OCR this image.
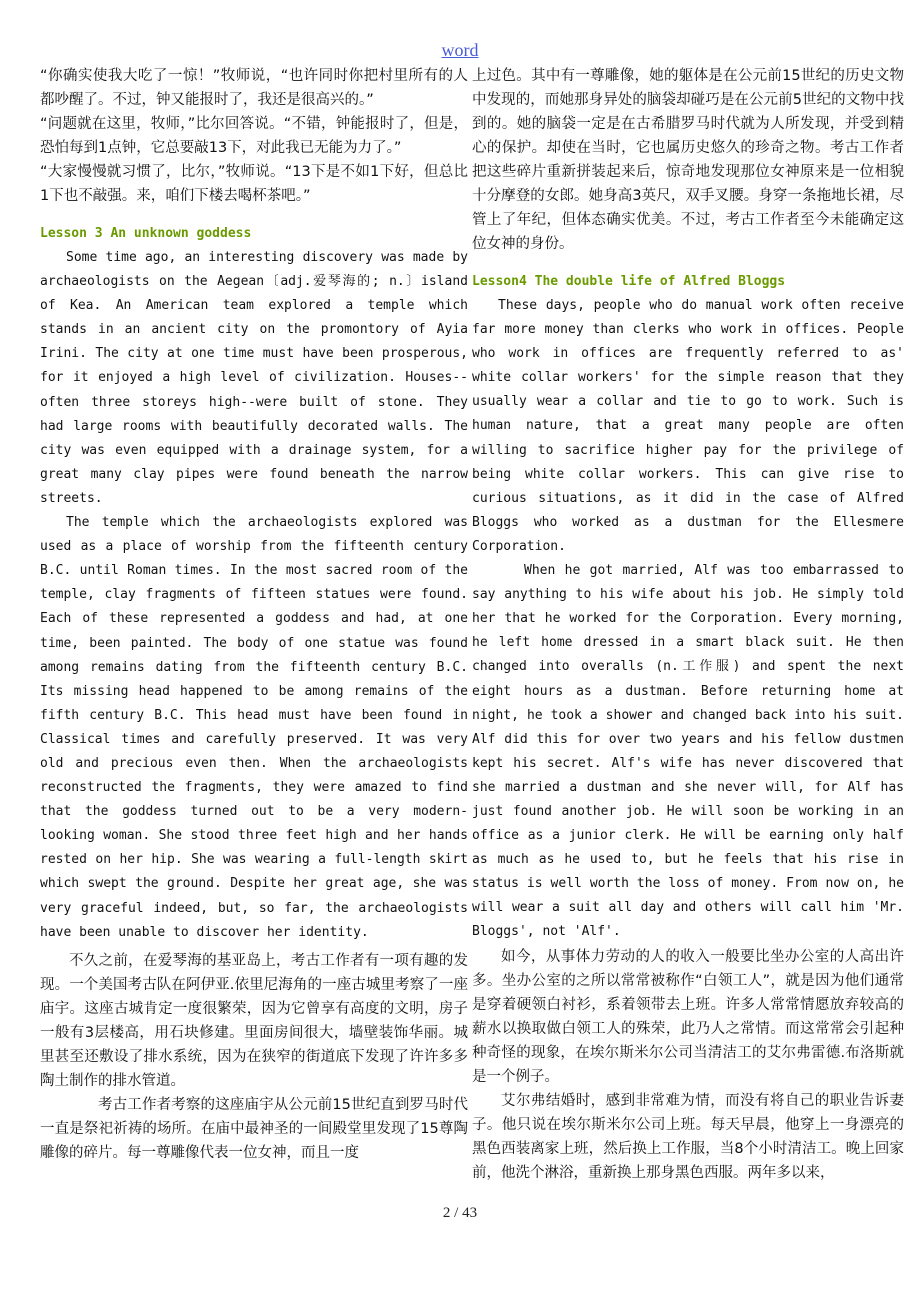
word

“你确实使我大吃了一惊！”牧师说，“也许同时你把村里所有的人都吵醒了。不过，钟又能报时了，我还是很高兴的。”

“问题就在这里，牧师，”比尔回答说。“不错，钟能报时了，但是，恐怕每到1点钟，它总要敲13下，对此我已无能为力了。”

“大家慢慢就习惯了，比尔，”牧师说。“13下是不如1下好，但总比1下也不敲强。来，咱们下楼去喝杯茶吧。”

Lesson 3 An unknown goddess

Some time ago, an interesting discovery was made by archaeologists on the Aegean〔adj.爱琴海的; n.〕island of Kea. An American team explored a temple which stands in an ancient city on the promontory of Ayia Irini. The city at one time must have been prosperous, for it enjoyed a high level of civilization. Houses--often three storeys high--were built of stone. They had large rooms with beautifully decorated walls. The city was even equipped with a drainage system, for a great many clay pipes were found beneath the narrow streets.

The temple which the archaeologists explored was used as a place of worship from the fifteenth century B.C. until Roman times. In the most sacred room of the temple, clay fragments of fifteen statues were found. Each of these represented a goddess and had, at one time, been painted. The body of one statue was found among remains dating from the fifteenth century B.C. Its missing head happened to be among remains of the fifth century B.C. This head must have been found in Classical times and carefully preserved. It was very old and precious even then. When the archaeologists reconstructed the fragments, they were amazed to find that the goddess turned out to be a very modern-looking woman. She stood three feet high and her hands rested on her hip. She was wearing a full-length skirt which swept the ground. Despite her great age, she was very graceful indeed, but, so far, the archaeologists have been unable to discover her identity.

不久之前，在爱琴海的基亚岛上，考古工作者有一项有趣的发现。一个美国考古队在阿伊亚.依里尼海角的一座古城里考察了一座庙宇。这座古城肯定一度很繁荣，因为它曾享有高度的文明，房子一般有3层楼高，用石块修建。里面房间很大，墙壁装饰华丽。城里甚至还敷设了排水系统，因为在狭窄的街道底下发现了许许多多陶土制作的排水管道。

考古工作者考察的这座庙宇从公元前15世纪直到罗马时代一直是祭祀祈祷的场所。在庙中最神圣的一间殿堂里发现了15尊陶雕像的碎片。每一尊雕像代表一位女神，而且一度

上过色。其中有一尊雕像，她的躯体是在公元前15世纪的历史文物中发现的，而她那身异处的脑袋却碰巧是在公元前5世纪的文物中找到的。她的脑袋一定是在古希腊罗马时代就为人所发现，并受到精心的保护。却使在当时，它也属历史悠久的珍奇之物。考古工作者把这些碎片重新拼装起来后，惊奇地发现那位女神原来是一位相貌十分摩登的女郎。她身高3英尺，双手叉腰。身穿一条拖地长裙，尽管上了年纪，但体态确实优美。不过，考古工作者至今未能确定这位女神的身份。

Lesson4 The double life of Alfred Bloggs

These days, people who do manual work often receive far more money than clerks who work in offices. People who work in offices are frequently referred to as' white collar workers' for the simple reason that they usually wear a collar and tie to go to work. Such is human nature, that a great many people are often willing to sacrifice higher pay for the privilege of being white collar workers. This can give rise to curious situations, as it did in the case of Alfred Bloggs who worked as a dustman for the Ellesmere Corporation.

When he got married, Alf was too embarrassed to say anything to his wife about his job. He simply told her that he worked for the Corporation. Every morning, he left home dressed in a smart black suit. He then changed into overalls (n.工作服) and spent the next eight hours as a dustman. Before returning home at night, he took a shower and changed back into his suit. Alf did this for over two years and his fellow dustmen kept his secret. Alf's wife has never discovered that she married a dustman and she never will, for Alf has just found another job. He will soon be working in an office as a junior clerk. He will be earning only half as much as he used to, but he feels that his rise in status is well worth the loss of money. From now on, he will wear a suit all day and others will call him 'Mr. Bloggs', not 'Alf'.

如今，从事体力劳动的人的收入一般要比坐办公室的人高出许多。坐办公室的之所以常常被称作“白领工人”，就是因为他们通常是穿着硬领白衬衫，系着领带去上班。许多人常常情愿放弃较高的薪水以换取做白领工人的殊荣，此乃人之常情。而这常常会引起种种奇怪的现象，在埃尔斯米尔公司当清洁工的艾尔弗雷德.布洛斯就是一个例子。

艾尔弗结婚时，感到非常难为情，而没有将自己的职业告诉妻子。他只说在埃尔斯米尔公司上班。每天早晨，他穿上一身漂亮的黑色西装离家上班，然后换上工作服，当8个小时清洁工。晚上回家前，他洗个淋浴，重新换上那身黑色西服。两年多以来，

2 / 43
